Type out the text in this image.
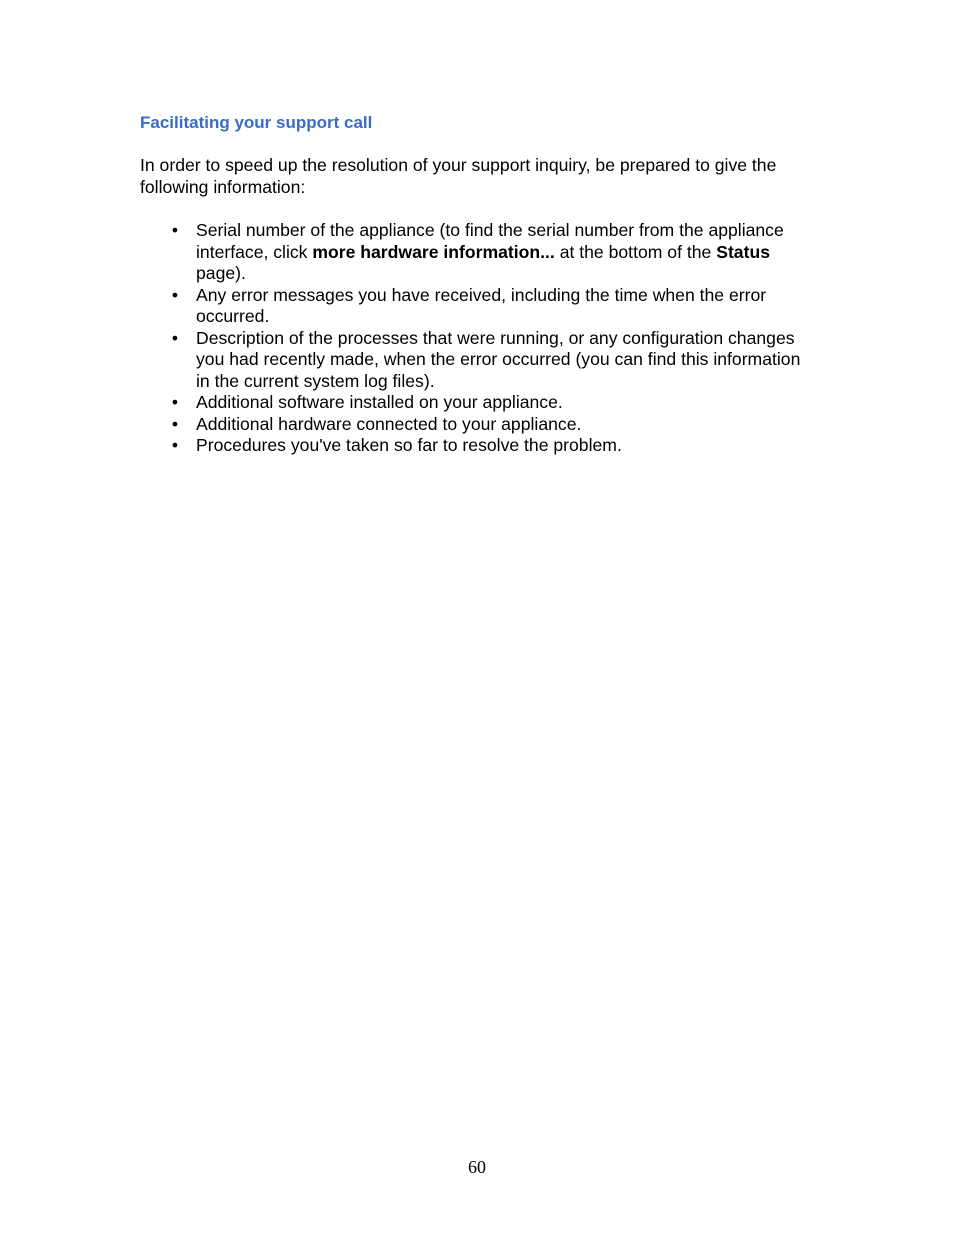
Facilitating your support call

In order to speed up the resolution of your support inquiry, be prepared to give the following information:

• Serial number of the appliance (to find the serial number from the appliance interface, click more hardware information... at the bottom of the Status page).
• Any error messages you have received, including the time when the error occurred.
• Description of the processes that were running, or any configuration changes you had recently made, when the error occurred (you can find this information in the current system log files).
• Additional software installed on your appliance.
• Additional hardware connected to your appliance.
• Procedures you've taken so far to resolve the problem.
60
